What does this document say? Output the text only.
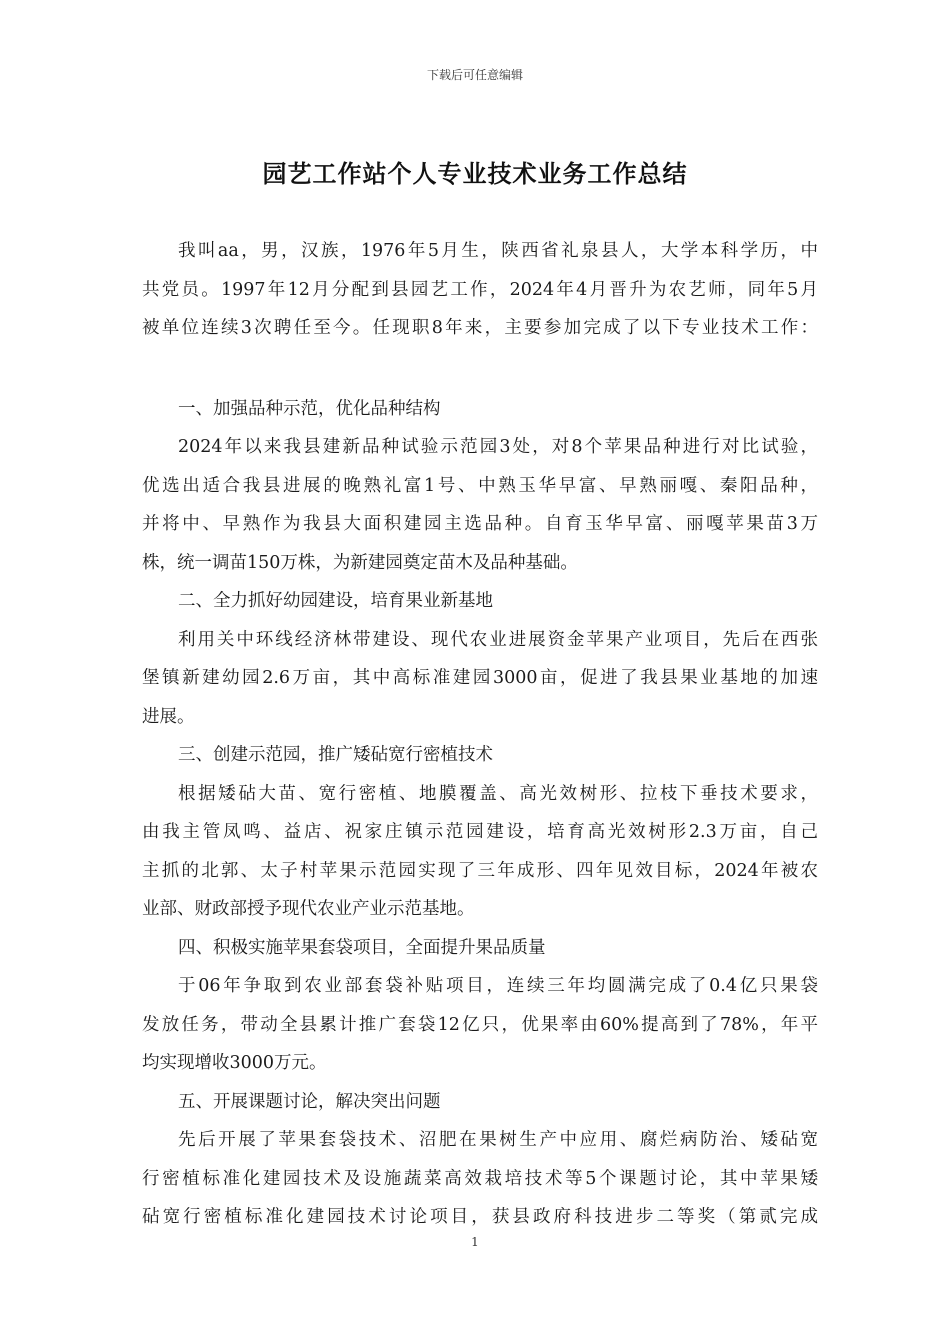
下载后可任意编辑
园艺工作站个人专业技术业务工作总结
我叫aa，男，汉族，1976年5月生，陕西省礼泉县人，大学本科学历，中
共党员。1997年12月分配到县园艺工作，2024年4月晋升为农艺师，同年5月
被单位连续3次聘任至今。任现职8年来，主要参加完成了以下专业技术工作：
一、加强品种示范，优化品种结构
2024年以来我县建新品种试验示范园3处，对8个苹果品种进行对比试验，
优选出适合我县进展的晚熟礼富1号、中熟玉华早富、早熟丽嘎、秦阳品种，
并将中、早熟作为我县大面积建园主选品种。自育玉华早富、丽嘎苹果苗3万
株，统一调苗150万株，为新建园奠定苗木及品种基础。
二、全力抓好幼园建设，培育果业新基地
利用关中环线经济林带建设、现代农业进展资金苹果产业项目，先后在西张
堡镇新建幼园2.6万亩，其中高标准建园3000亩，促进了我县果业基地的加速
进展。
三、创建示范园，推广矮砧宽行密植技术
根据矮砧大苗、宽行密植、地膜覆盖、高光效树形、拉枝下垂技术要求，
由我主管凤鸣、益店、祝家庄镇示范园建设，培育高光效树形2.3万亩，自己
主抓的北郭、太子村苹果示范园实现了三年成形、四年见效目标，2024年被农
业部、财政部授予现代农业产业示范基地。
四、积极实施苹果套袋项目，全面提升果品质量
于06年争取到农业部套袋补贴项目，连续三年均圆满完成了0.4亿只果袋
发放任务，带动全县累计推广套袋12亿只，优果率由60%提高到了78%，年平
均实现增收3000万元。
五、开展课题讨论，解决突出问题
先后开展了苹果套袋技术、沼肥在果树生产中应用、腐烂病防治、矮砧宽
行密植标准化建园技术及设施蔬菜高效栽培技术等5个课题讨论，其中苹果矮
砧宽行密植标准化建园技术讨论项目，获县政府科技进步二等奖（第贰完成
1
